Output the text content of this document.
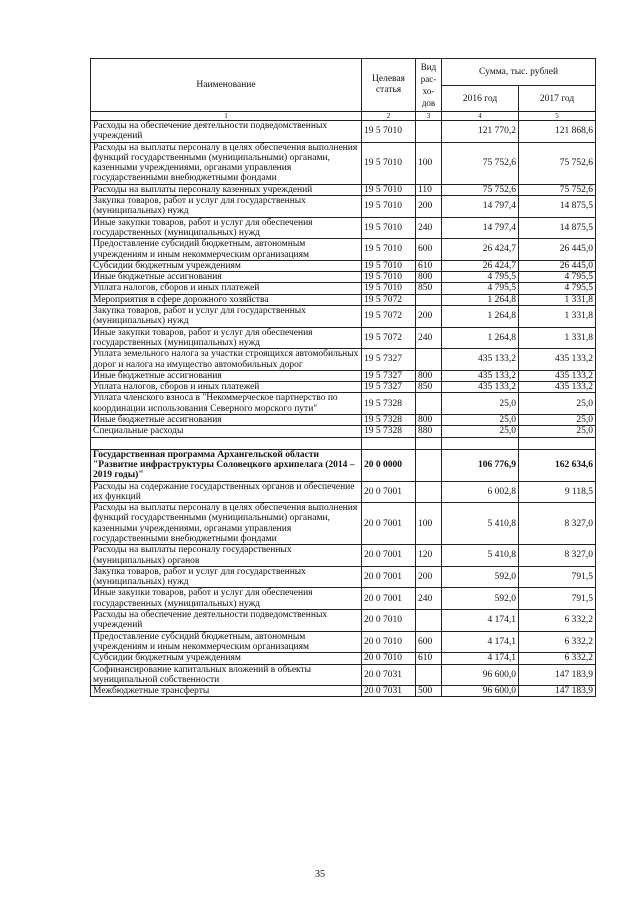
Наименование	Целевая статья	Вид рас-хо-дов	Сумма, тыс. рублей	
			2016 год	2017 год
1	2	3	4	5
Расходы на обеспечение деятельности подведомственных учреждений	19 5 7010		121 770,2	121 868,6
Расходы на выплаты персоналу в целях обеспечения выполнения функций государственными (муниципальными) органами, казенными учреждениями, органами управления государственными внебюджетными фондами	19 5 7010	100	75 752,6	75 752,6
Расходы на выплаты персоналу казенных учреждений	19 5 7010	110	75 752,6	75 752,6
Закупка товаров, работ и услуг для государственных (муниципальных) нужд	19 5 7010	200	14 797,4	14 875,5
Иные закупки товаров, работ и услуг для обеспечения государственных (муниципальных) нужд	19 5 7010	240	14 797,4	14 875,5
Предоставление субсидий бюджетным, автономным учреждениям и иным некоммерческим организациям	19 5 7010	600	26 424,7	26 445,0
Субсидии бюджетным учреждениям	19 5 7010	610	26 424,7	26 445,0
Иные бюджетные ассигнования	19 5 7010	800	4 795,5	4 795,5
Уплата налогов, сборов и иных платежей	19 5 7010	850	4 795,5	4 795,5
Мероприятия в сфере дорожного хозяйства	19 5 7072		1 264,8	1 331,8
Закупка товаров, работ и услуг для государственных (муниципальных) нужд	19 5 7072	200	1 264,8	1 331,8
Иные закупки товаров, работ и услуг для обеспечения государственных (муниципальных) нужд	19 5 7072	240	1 264,8	1 331,8
Уплата земельного налога за участки строящихся автомобильных дорог и налога на имущество автомобильных дорог	19 5 7327		435 133,2	435 133,2
Иные бюджетные ассигнования	19 5 7327	800	435 133,2	435 133,2
Уплата налогов, сборов и иных платежей	19 5 7327	850	435 133,2	435 133,2
Уплата членского взноса в "Некоммерческое партнерство по координации использования Северного морского пути"	19 5 7328		25,0	25,0
Иные бюджетные ассигнования	19 5 7328	800	25,0	25,0
Специальные расходы	19 5 7328	880	25,0	25,0

Государственная программа Архангельской области "Развитие инфраструктуры Соловецкого архипелага (2014 – 2019 годы)"	20 0 0000		106 776,9	162 634,6
Расходы на содержание государственных органов и обеспечение их функций	20 0 7001		6 002,8	9 118,5
Расходы на выплаты персоналу в целях обеспечения выполнения функций государственными (муниципальными) органами, казенными учреждениями, органами управления государственными внебюджетными фондами	20 0 7001	100	5 410,8	8 327,0
Расходы на выплаты персоналу государственных (муниципальных) органов	20 0 7001	120	5 410,8	8 327,0
Закупка товаров, работ и услуг для государственных (муниципальных) нужд	20 0 7001	200	592,0	791,5
Иные закупки товаров, работ и услуг для обеспечения государственных (муниципальных) нужд	20 0 7001	240	592,0	791,5
Расходы на обеспечение деятельности подведомственных учреждений	20 0 7010		4 174,1	6 332,2
Предоставление субсидий бюджетным, автономным учреждениям и иным некоммерческим организациям	20 0 7010	600	4 174,1	6 332,2
Субсидии бюджетным учреждениям	20 0 7010	610	4 174,1	6 332,2
Софинансирование капитальных вложений в объекты муниципальной собственности	20 0 7031		96 600,0	147 183,9
Межбюджетные трансферты	20 0 7031	500	96 600,0	147 183,9
35
